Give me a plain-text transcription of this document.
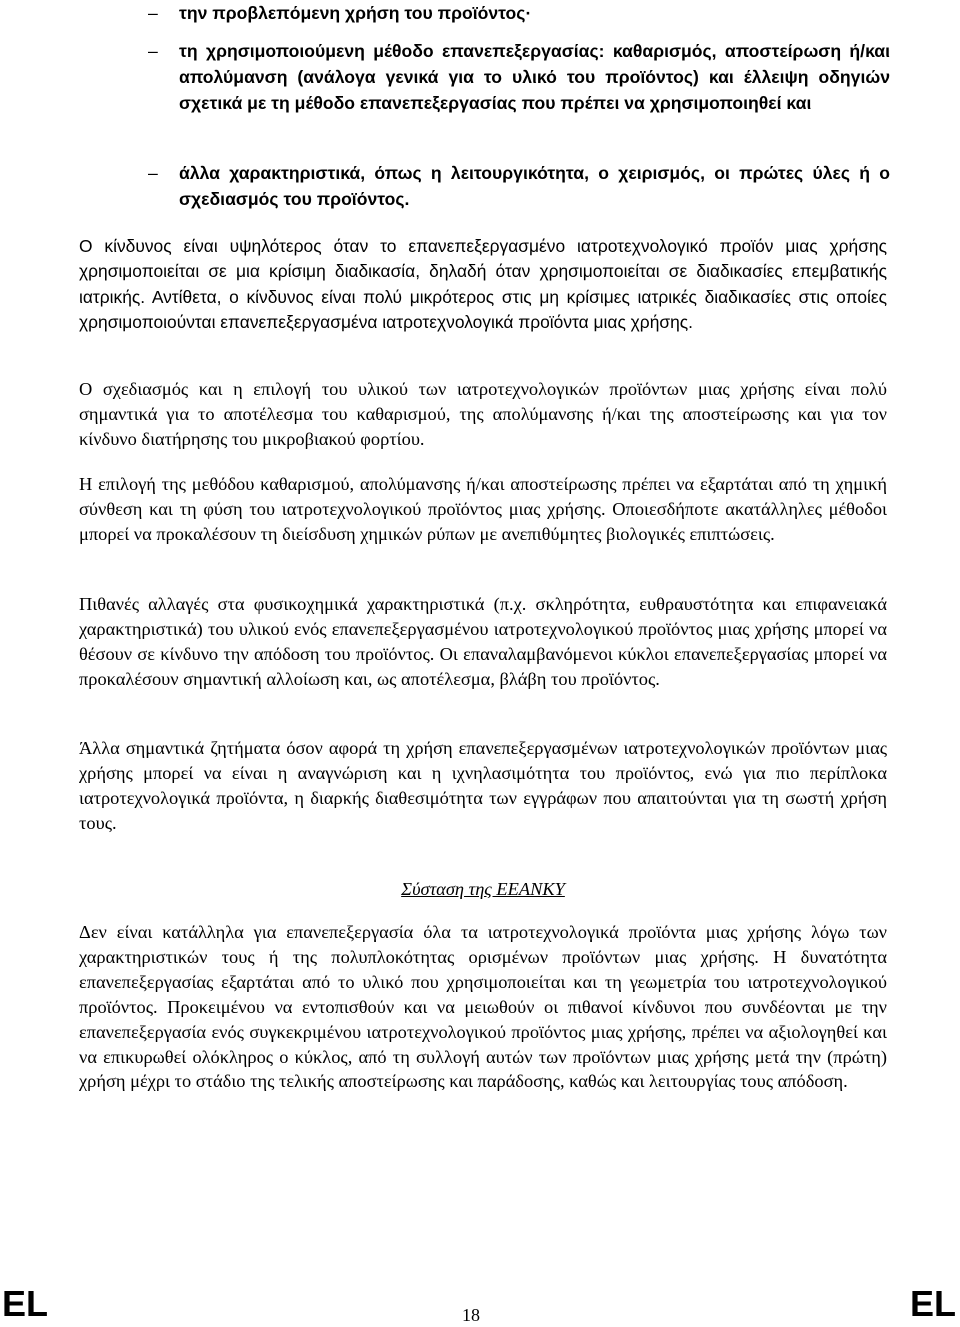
– την προβλεπόμενη χρήση του προϊόντος·
– τη χρησιμοποιούμενη μέθοδο επανεπεξεργασίας: καθαρισμός, αποστείρωση ή/και απολύμανση (ανάλογα γενικά για το υλικό του προϊόντος) και έλλειψη οδηγιών σχετικά με τη μέθοδο επανεπεξεργασίας που πρέπει να χρησιμοποιηθεί και
– άλλα χαρακτηριστικά, όπως η λειτουργικότητα, ο χειρισμός, οι πρώτες ύλες ή ο σχεδιασμός του προϊόντος.
Ο κίνδυνος είναι υψηλότερος όταν το επανεπεξεργασμένο ιατροτεχνολογικό προϊόν μιας χρήσης χρησιμοποιείται σε μια κρίσιμη διαδικασία, δηλαδή όταν χρησιμοποιείται σε διαδικασίες επεμβατικής ιατρικής. Αντίθετα, ο κίνδυνος είναι πολύ μικρότερος στις μη κρίσιμες ιατρικές διαδικασίες στις οποίες χρησιμοποιούνται επανεπεξεργασμένα ιατροτεχνολογικά προϊόντα μιας χρήσης.
Ο σχεδιασμός και η επιλογή του υλικού των ιατροτεχνολογικών προϊόντων μιας χρήσης είναι πολύ σημαντικά για το αποτέλεσμα του καθαρισμού, της απολύμανσης ή/και της αποστείρωσης και για τον κίνδυνο διατήρησης του μικροβιακού φορτίου.
Η επιλογή της μεθόδου καθαρισμού, απολύμανσης ή/και αποστείρωσης πρέπει να εξαρτάται από τη χημική σύνθεση και τη φύση του ιατροτεχνολογικού προϊόντος μιας χρήσης. Οποιεσδήποτε ακατάλληλες μέθοδοι μπορεί να προκαλέσουν τη διείσδυση χημικών ρύπων με ανεπιθύμητες βιολογικές επιπτώσεις.
Πιθανές αλλαγές στα φυσικοχημικά χαρακτηριστικά (π.χ. σκληρότητα, ευθραυστότητα και επιφανειακά χαρακτηριστικά) του υλικού ενός επανεπεξεργασμένου ιατροτεχνολογικού προϊόντος μιας χρήσης μπορεί να θέσουν σε κίνδυνο την απόδοση του προϊόντος. Οι επαναλαμβανόμενοι κύκλοι επανεπεξεργασίας μπορεί να προκαλέσουν σημαντική αλλοίωση και, ως αποτέλεσμα, βλάβη του προϊόντος.
Άλλα σημαντικά ζητήματα όσον αφορά τη χρήση επανεπεξεργασμένων ιατροτεχνολογικών προϊόντων μιας χρήσης μπορεί να είναι η αναγνώριση και η ιχνηλασιμότητα του προϊόντος, ενώ για πιο περίπλοκα ιατροτεχνολογικά προϊόντα, η διαρκής διαθεσιμότητα των εγγράφων που απαιτούνται για τη σωστή χρήση τους.
Σύσταση της ΕΕΑΝΚΥ
Δεν είναι κατάλληλα για επανεπεξεργασία όλα τα ιατροτεχνολογικά προϊόντα μιας χρήσης λόγω των χαρακτηριστικών τους ή της πολυπλοκότητας ορισμένων προϊόντων μιας χρήσης. Η δυνατότητα επανεπεξεργασίας εξαρτάται από το υλικό που χρησιμοποιείται και τη γεωμετρία του ιατροτεχνολογικού προϊόντος. Προκειμένου να εντοπισθούν και να μειωθούν οι πιθανοί κίνδυνοι που συνδέονται με την επανεπεξεργασία ενός συγκεκριμένου ιατροτεχνολογικού προϊόντος μιας χρήσης, πρέπει να αξιολογηθεί και να επικυρωθεί ολόκληρος ο κύκλος, από τη συλλογή αυτών των προϊόντων μιας χρήσης μετά την (πρώτη) χρήση μέχρι το στάδιο της τελικής αποστείρωσης και παράδοσης, καθώς και λειτουργίας τους απόδοση.
EL	18	EL
